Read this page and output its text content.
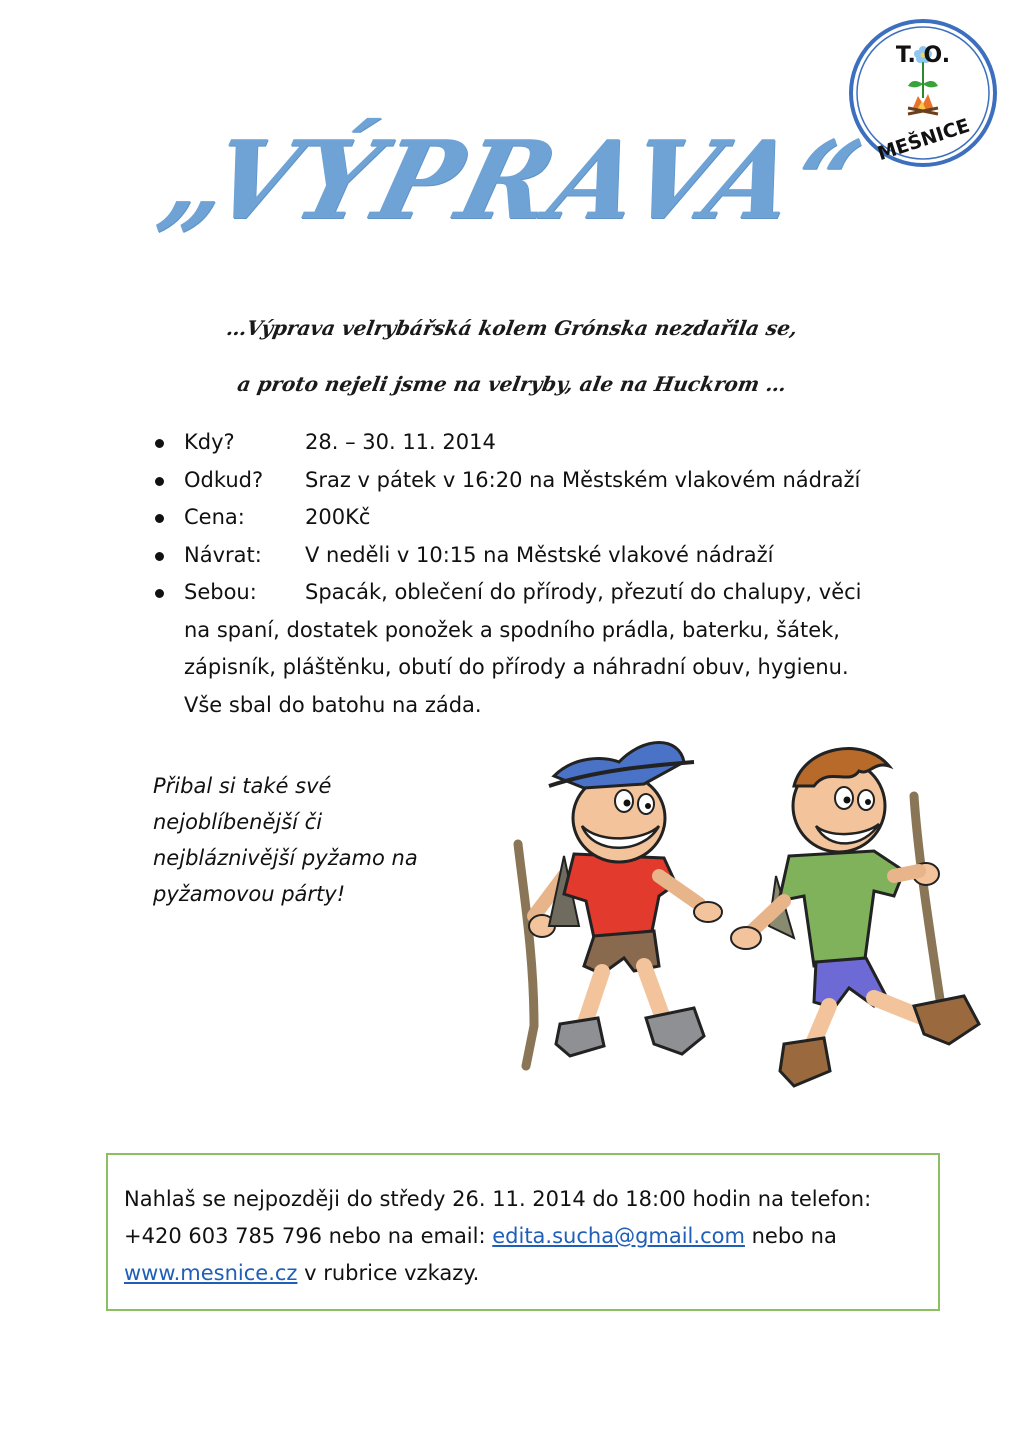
T. O.
MEŠNICE
„VÝPRAVA“
…Výprava velrybářská kolem Grónska nezdařila se,
a proto nejeli jsme na velryby, ale na Huckrom …
Kdy?	28. – 30. 11. 2014
Odkud? Sraz v pátek v 16:20 na Městském vlakovém nádraží
Cena:	200Kč
Návrat: V neděli v 10:15 na Městské vlakové nádraží
Sebou: Spacák, oblečení do přírody, přezutí do chalupy, věci
na spaní, dostatek ponožek a spodního prádla, baterku, šátek,
zápisník, pláštěnku, obutí do přírody a náhradní obuv, hygienu.
Vše sbal do batohu na záda.
Přibal si také své
nejoblíbenější či
nejbláznivější pyžamo na
pyžamovou párty!
Nahlaš se nejpozději do středy 26. 11. 2014 do 18:00 hodin na telefon:
+420 603 785 796 nebo na email: edita.sucha@gmail.com nebo na
www.mesnice.cz v rubrice vzkazy.
